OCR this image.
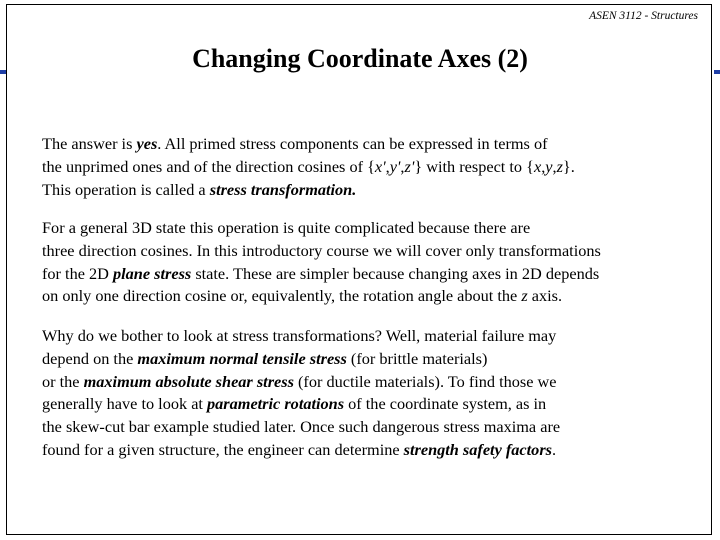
ASEN 3112 - Structures
Changing Coordinate Axes (2)
The answer is yes. All primed stress components can be expressed in terms of
the unprimed ones and of the direction cosines of {x',y',z'} with respect to {x,y,z}.
This operation is called a stress transformation.
For a general 3D state this operation is quite complicated because there are
three direction cosines. In this introductory course we will cover only transformations
for the 2D plane stress state. These are simpler because changing axes in 2D depends
on only one direction cosine or, equivalently, the rotation angle about the z axis.
Why do we bother to look at stress transformations? Well, material failure may
depend on the maximum normal tensile stress (for brittle materials)
or the maximum absolute shear stress (for ductile materials). To find those we
generally have to look at parametric rotations of the coordinate system, as in
the skew-cut bar example studied later. Once such dangerous stress maxima are
found for a given structure, the engineer can determine strength safety factors.
